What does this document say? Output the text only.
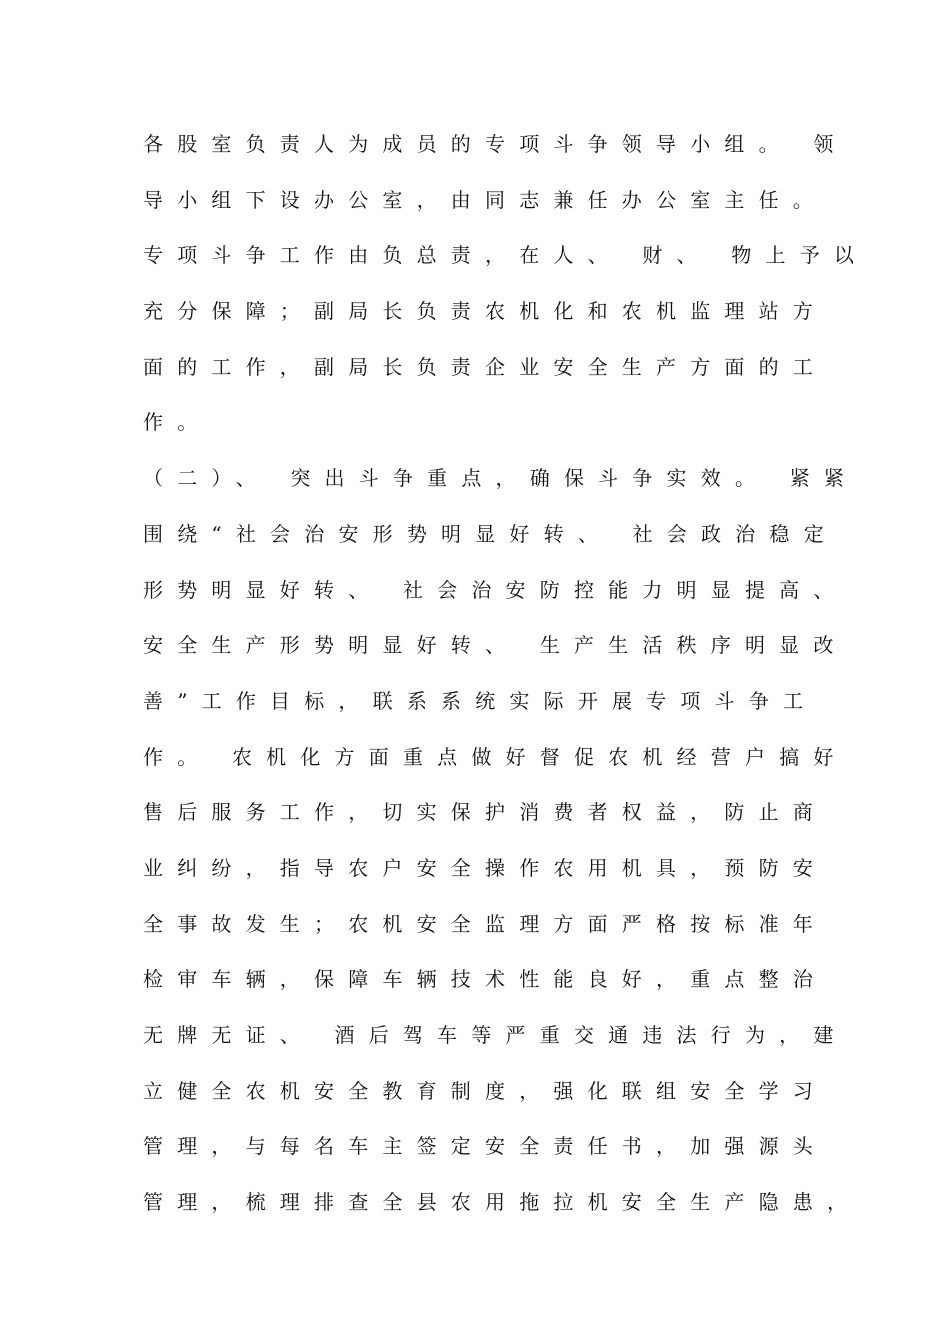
各股室负责人为成员的专项斗争领导小组。 领
导小组下设办公室，由同志兼任办公室主任。
专项斗争工作由负总责，在人、 财、 物上予以
充分保障；副局长负责农机化和农机监理站方
面的工作，副局长负责企业安全生产方面的工
作。
（二）、 突出斗争重点，确保斗争实效。 紧紧
围绕“社会治安形势明显好转、 社会政治稳定
形势明显好转、 社会治安防控能力明显提高、
安全生产形势明显好转、 生产生活秩序明显改
善”工作目标，联系系统实际开展专项斗争工
作。 农机化方面重点做好督促农机经营户搞好
售后服务工作，切实保护消费者权益，防止商
业纠纷，指导农户安全操作农用机具，预防安
全事故发生；农机安全监理方面严格按标准年
检审车辆，保障车辆技术性能良好，重点整治
无牌无证、 酒后驾车等严重交通违法行为，建
立健全农机安全教育制度，强化联组安全学习
管理，与每名车主签定安全责任书，加强源头
管理，梳理排查全县农用拖拉机安全生产隐患，
